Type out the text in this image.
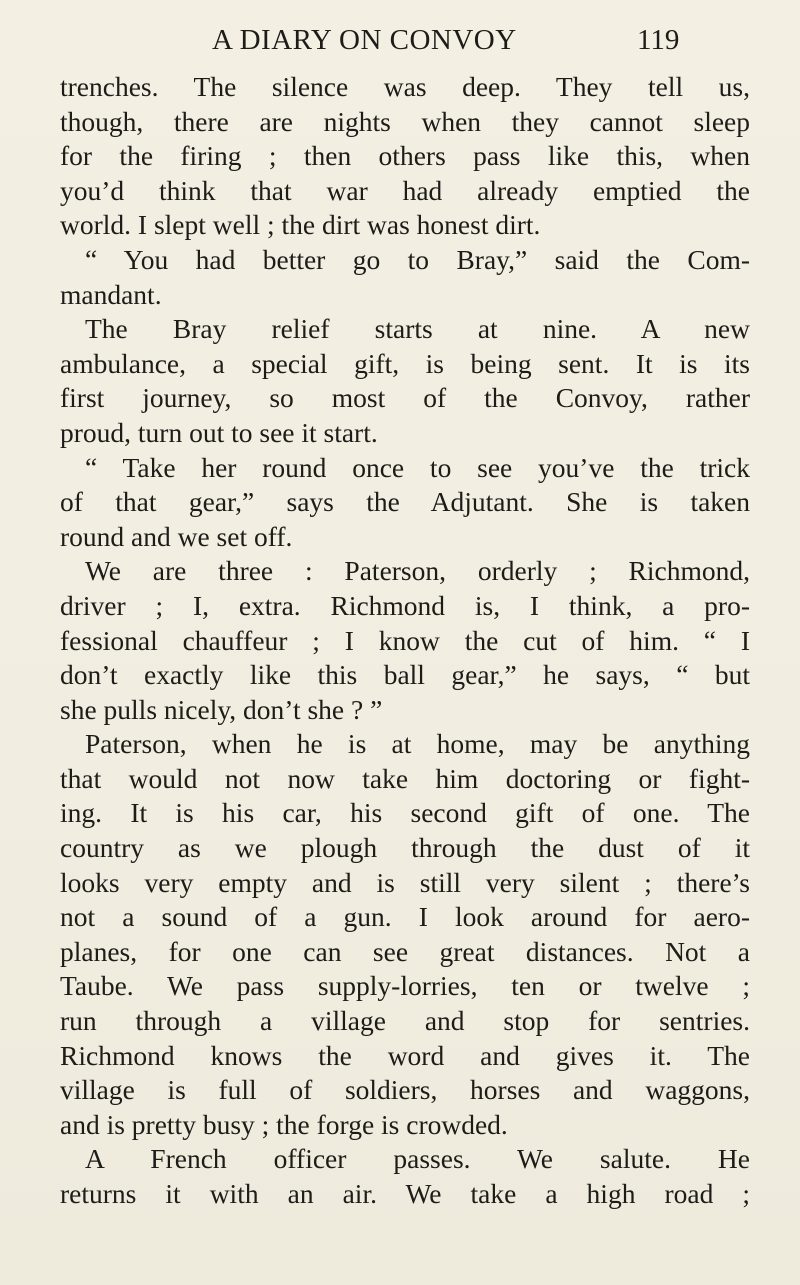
A DIARY ON CONVOY	119
trenches. The silence was deep. They tell us,
though, there are nights when they cannot sleep
for the firing ; then others pass like this, when
you’d think that war had already emptied the
world. I slept well ; the dirt was honest dirt.
“ You had better go to Bray,” said the Com-
mandant.
The Bray relief starts at nine. A new
ambulance, a special gift, is being sent. It is its
first journey, so most of the Convoy, rather
proud, turn out to see it start.
“ Take her round once to see you’ve the trick
of that gear,” says the Adjutant. She is taken
round and we set off.
We are three : Paterson, orderly ; Richmond,
driver ; I, extra. Richmond is, I think, a pro-
fessional chauffeur ; I know the cut of him. “ I
don’t exactly like this ball gear,” he says, “ but
she pulls nicely, don’t she ? ”
Paterson, when he is at home, may be anything
that would not now take him doctoring or fight-
ing. It is his car, his second gift of one. The
country as we plough through the dust of it
looks very empty and is still very silent ; there’s
not a sound of a gun. I look around for aero-
planes, for one can see great distances. Not a
Taube. We pass supply-lorries, ten or twelve ;
run through a village and stop for sentries.
Richmond knows the word and gives it. The
village is full of soldiers, horses and waggons,
and is pretty busy ; the forge is crowded.
A French officer passes. We salute. He
returns it with an air. We take a high road ;
